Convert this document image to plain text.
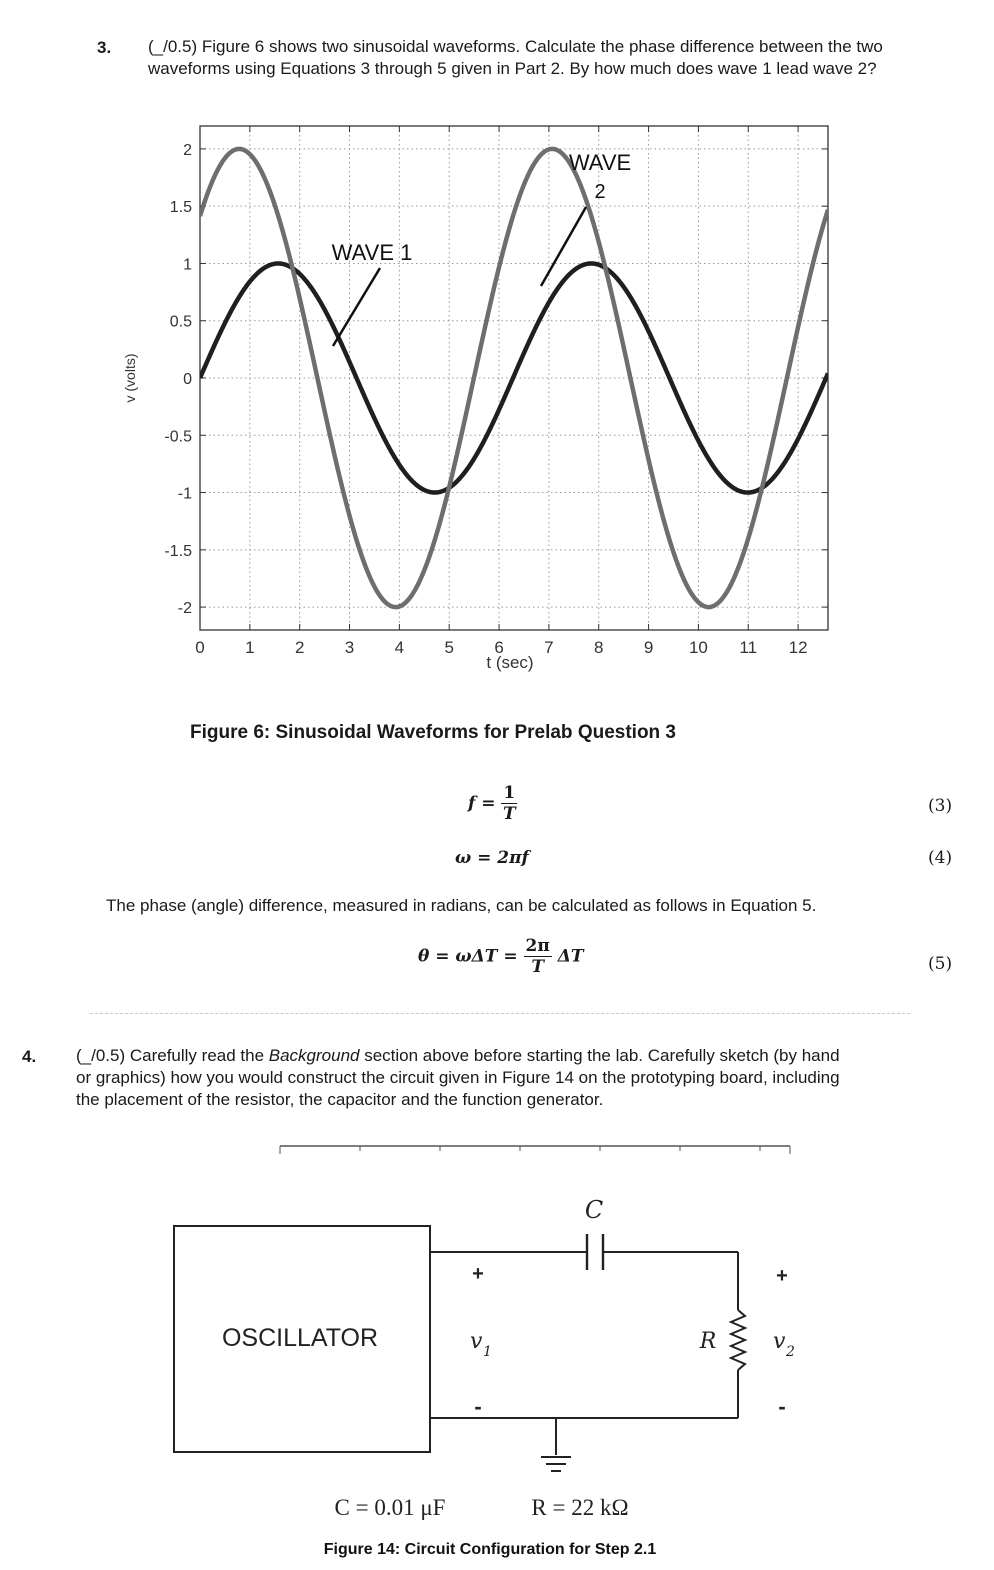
3. (_/0.5) Figure 6 shows two sinusoidal waveforms. Calculate the phase difference between the two
waveforms using Equations 3 through 5 given in Part 2. By how much does wave 1 lead wave 2?
0 1 2 3 4 5 6 7 8 9 10 11 12
2
1.5
1
0.5
0
-0.5
-1
-1.5
-2
v (volts)
t (sec)
WAVE 1
WAVE
2
Figure 6: Sinusoidal Waveforms for Prelab Question 3
$f = \frac{1}{T}$	(3)
ω = 2πf	(4)
The phase (angle) difference, measured in radians, can be calculated as follows in Equation 5.
$\theta = \omega\Delta T = \frac{2\pi}{T}$ ΔT	(5)
4. (_/0.5) Carefully read the Background section above before starting the lab. Carefully sketch (by hand
or graphics) how you would construct the circuit given in Figure 14 on the prototyping board, including
the placement of the resistor, the capacitor and the function generator.
OSCILLATOR
C
R
+
v 1
-
+
v 2
-
C = 0.01 μF	R = 22 kΩ
Figure 14: Circuit Configuration for Step 2.1
